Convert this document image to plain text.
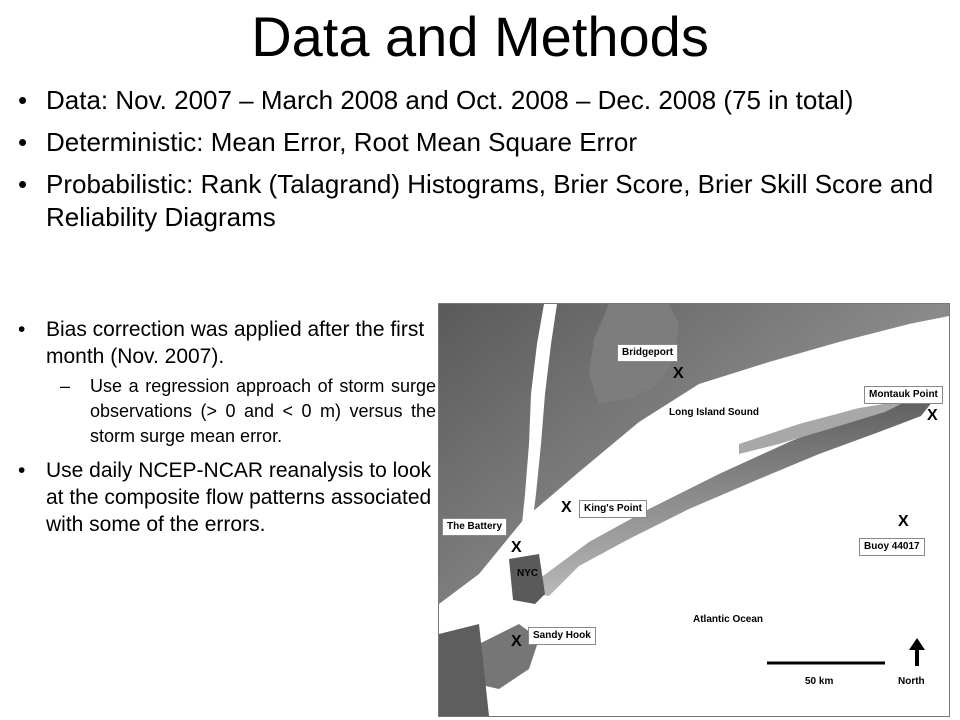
Data and Methods
• Data: Nov. 2007 – March 2008 and Oct. 2008 – Dec. 2008 (75 in total)
• Deterministic: Mean Error, Root Mean Square Error
• Probabilistic: Rank (Talagrand) Histograms, Brier Score, Brier Skill Score and Reliability Diagrams
• Bias correction was applied after the first month (Nov. 2007).
– Use a regression approach of storm surge observations (> 0 and < 0 m) versus the storm surge mean error.
• Use daily NCEP-NCAR reanalysis to look at the composite flow patterns associated with some of the errors.
Bridgeport
X
Montauk Point
X
Long Island Sound
X	King's Point
The Battery
X
NYC
X
Buoy 44017
Atlantic Ocean
Sandy Hook
X
50 km	North
